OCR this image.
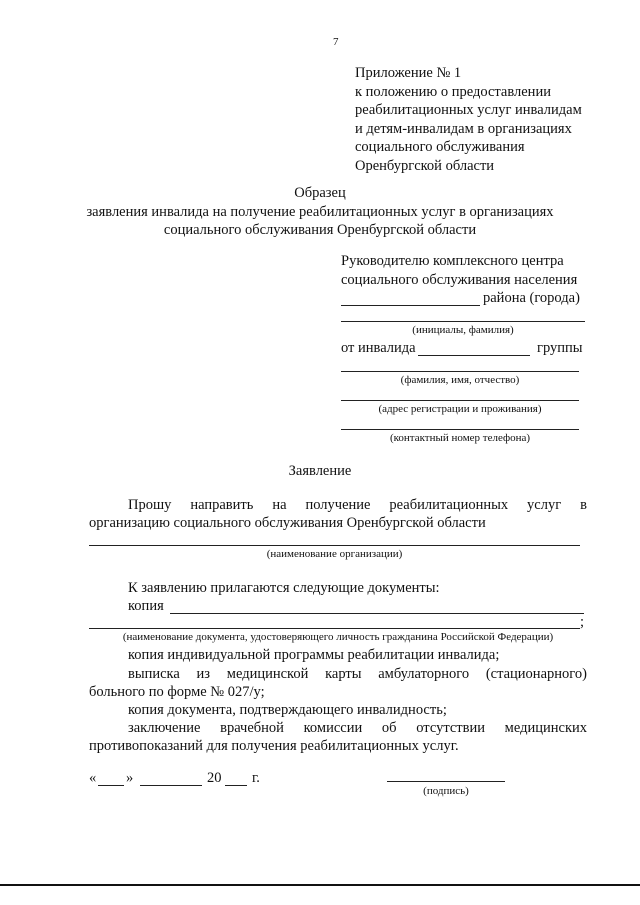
7
Приложение № 1
к положению о предоставлении
реабилитационных услуг инвалидам
и детям-инвалидам в организациях
социального обслуживания
Оренбургской области
Образец
заявления инвалида на получение реабилитационных услуг в организациях
социального обслуживания Оренбургской области
Руководителю комплексного центра
социального обслуживания населения
района (города)
(инициалы, фамилия)
от инвалида	группы
(фамилия, имя, отчество)
(адрес регистрации и проживания)
(контактный номер телефона)
Заявление
Прошу направить на получение реабилитационных услуг в
организацию социального обслуживания Оренбургской области
(наименование организации)
К заявлению прилагаются следующие документы:
копия
;
(наименование документа, удостоверяющего личность гражданина Российской Федерации)
копия индивидуальной программы реабилитации инвалида;
выписка из медицинской карты амбулаторного (стационарного)
больного по форме № 027/у;
копия документа, подтверждающего инвалидность;
заключение врачебной комиссии об отсутствии медицинских
противопоказаний для получения реабилитационных услуг.
« »	20 г.
(подпись)
